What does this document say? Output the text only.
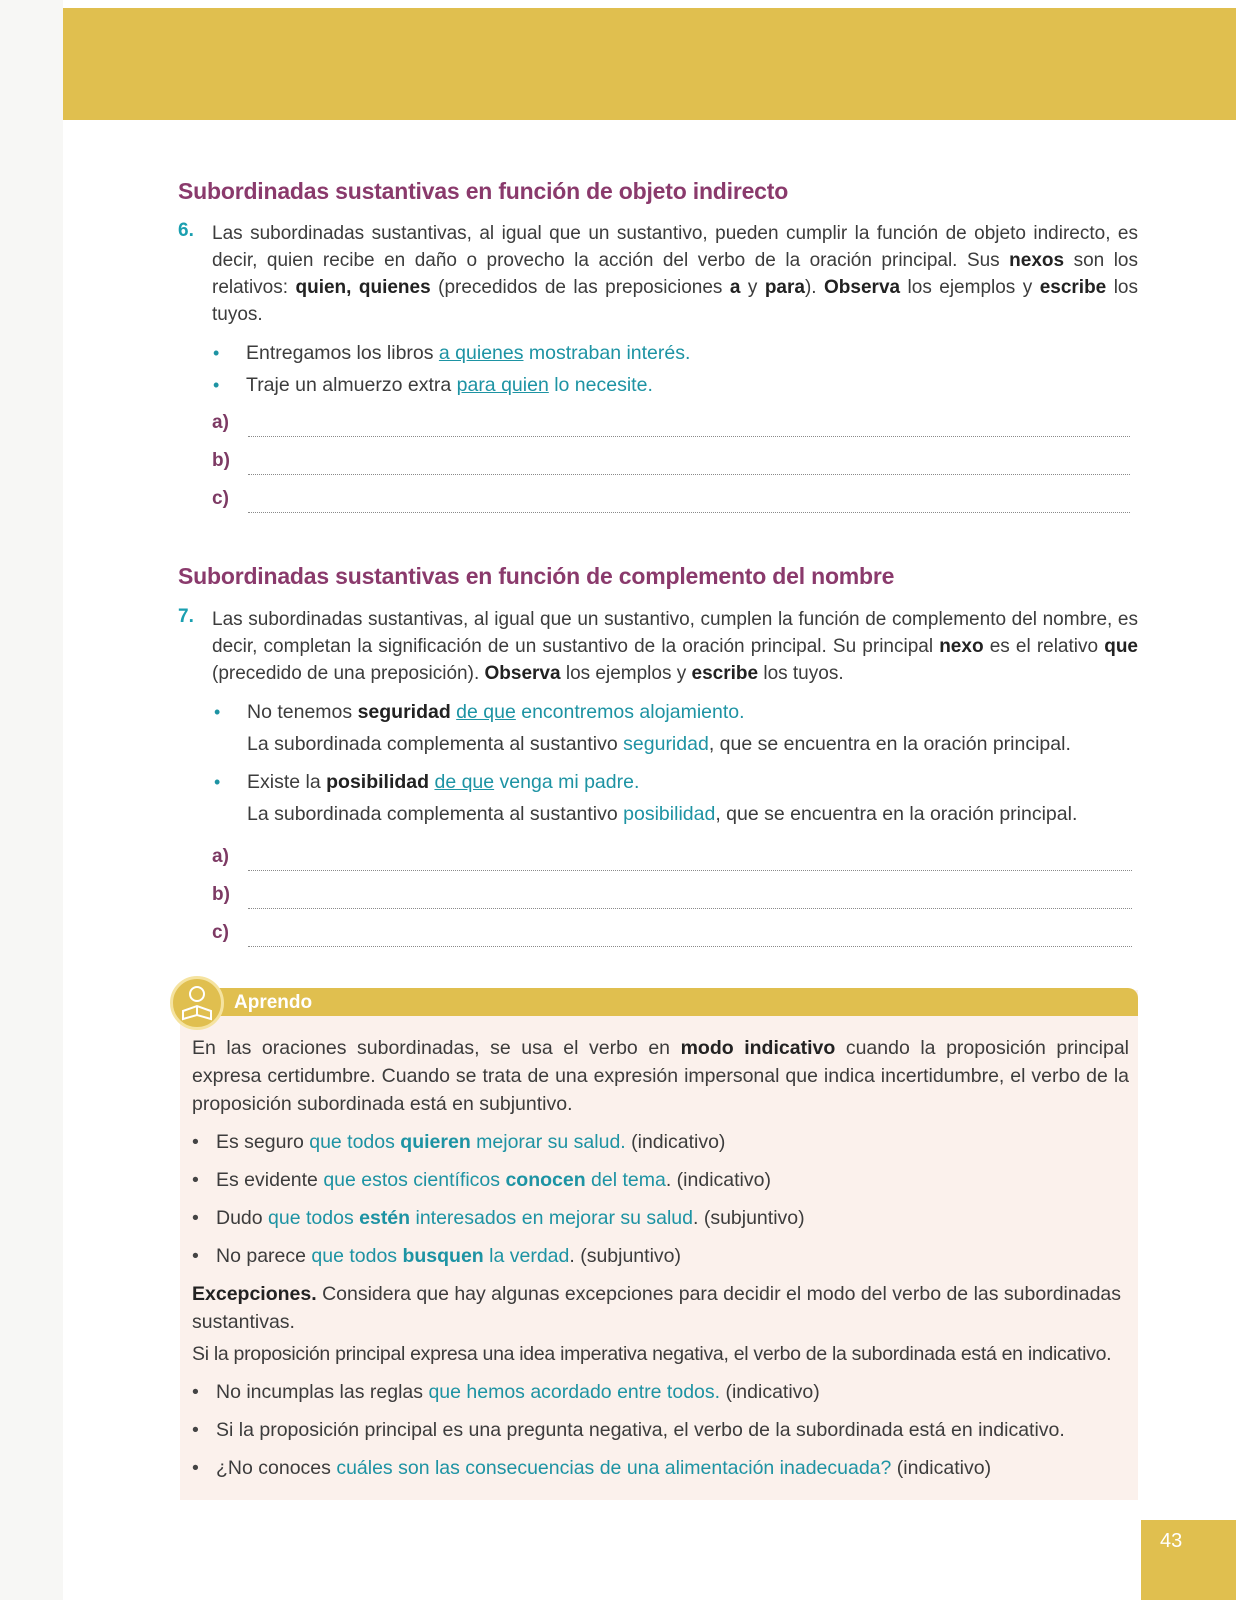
Subordinadas sustantivas en función de objeto indirecto
6. Las subordinadas sustantivas, al igual que un sustantivo, pueden cumplir la función de objeto indirecto, es decir, quien recibe en daño o provecho la acción del verbo de la oración principal. Sus nexos son los relativos: quien, quienes (precedidos de las preposiciones a y para). Observa los ejemplos y escribe los tuyos.

• Entregamos los libros a quienes mostraban interés.
• Traje un almuerzo extra para quien lo necesite.
a)
b)
c)
Subordinadas sustantivas en función de complemento del nombre
7. Las subordinadas sustantivas, al igual que un sustantivo, cumplen la función de complemento del nombre, es decir, completan la significación de un sustantivo de la oración principal. Su principal nexo es el relativo que (precedido de una preposición). Observa los ejemplos y escribe los tuyos.

• No tenemos seguridad de que encontremos alojamiento.
La subordinada complementa al sustantivo seguridad, que se encuentra en la oración principal.
• Existe la posibilidad de que venga mi padre.
La subordinada complementa al sustantivo posibilidad, que se encuentra en la oración principal.
a)
b)
c)
Aprendo

En las oraciones subordinadas, se usa el verbo en modo indicativo cuando la proposición principal expresa certidumbre. Cuando se trata de una expresión impersonal que indica incertidumbre, el verbo de la proposición subordinada está en subjuntivo.

• Es seguro que todos quieren mejorar su salud. (indicativo)
• Es evidente que estos científicos conocen del tema. (indicativo)
• Dudo que todos estén interesados en mejorar su salud. (subjuntivo)
• No parece que todos busquen la verdad. (subjuntivo)

Excepciones. Considera que hay algunas excepciones para decidir el modo del verbo de las subordinadas sustantivas.

Si la proposición principal expresa una idea imperativa negativa, el verbo de la subordinada está en indicativo.

• No incumplas las reglas que hemos acordado entre todos. (indicativo)
• Si la proposición principal es una pregunta negativa, el verbo de la subordinada está en indicativo.
• ¿No conoces cuáles son las consecuencias de una alimentación inadecuada? (indicativo)
43
